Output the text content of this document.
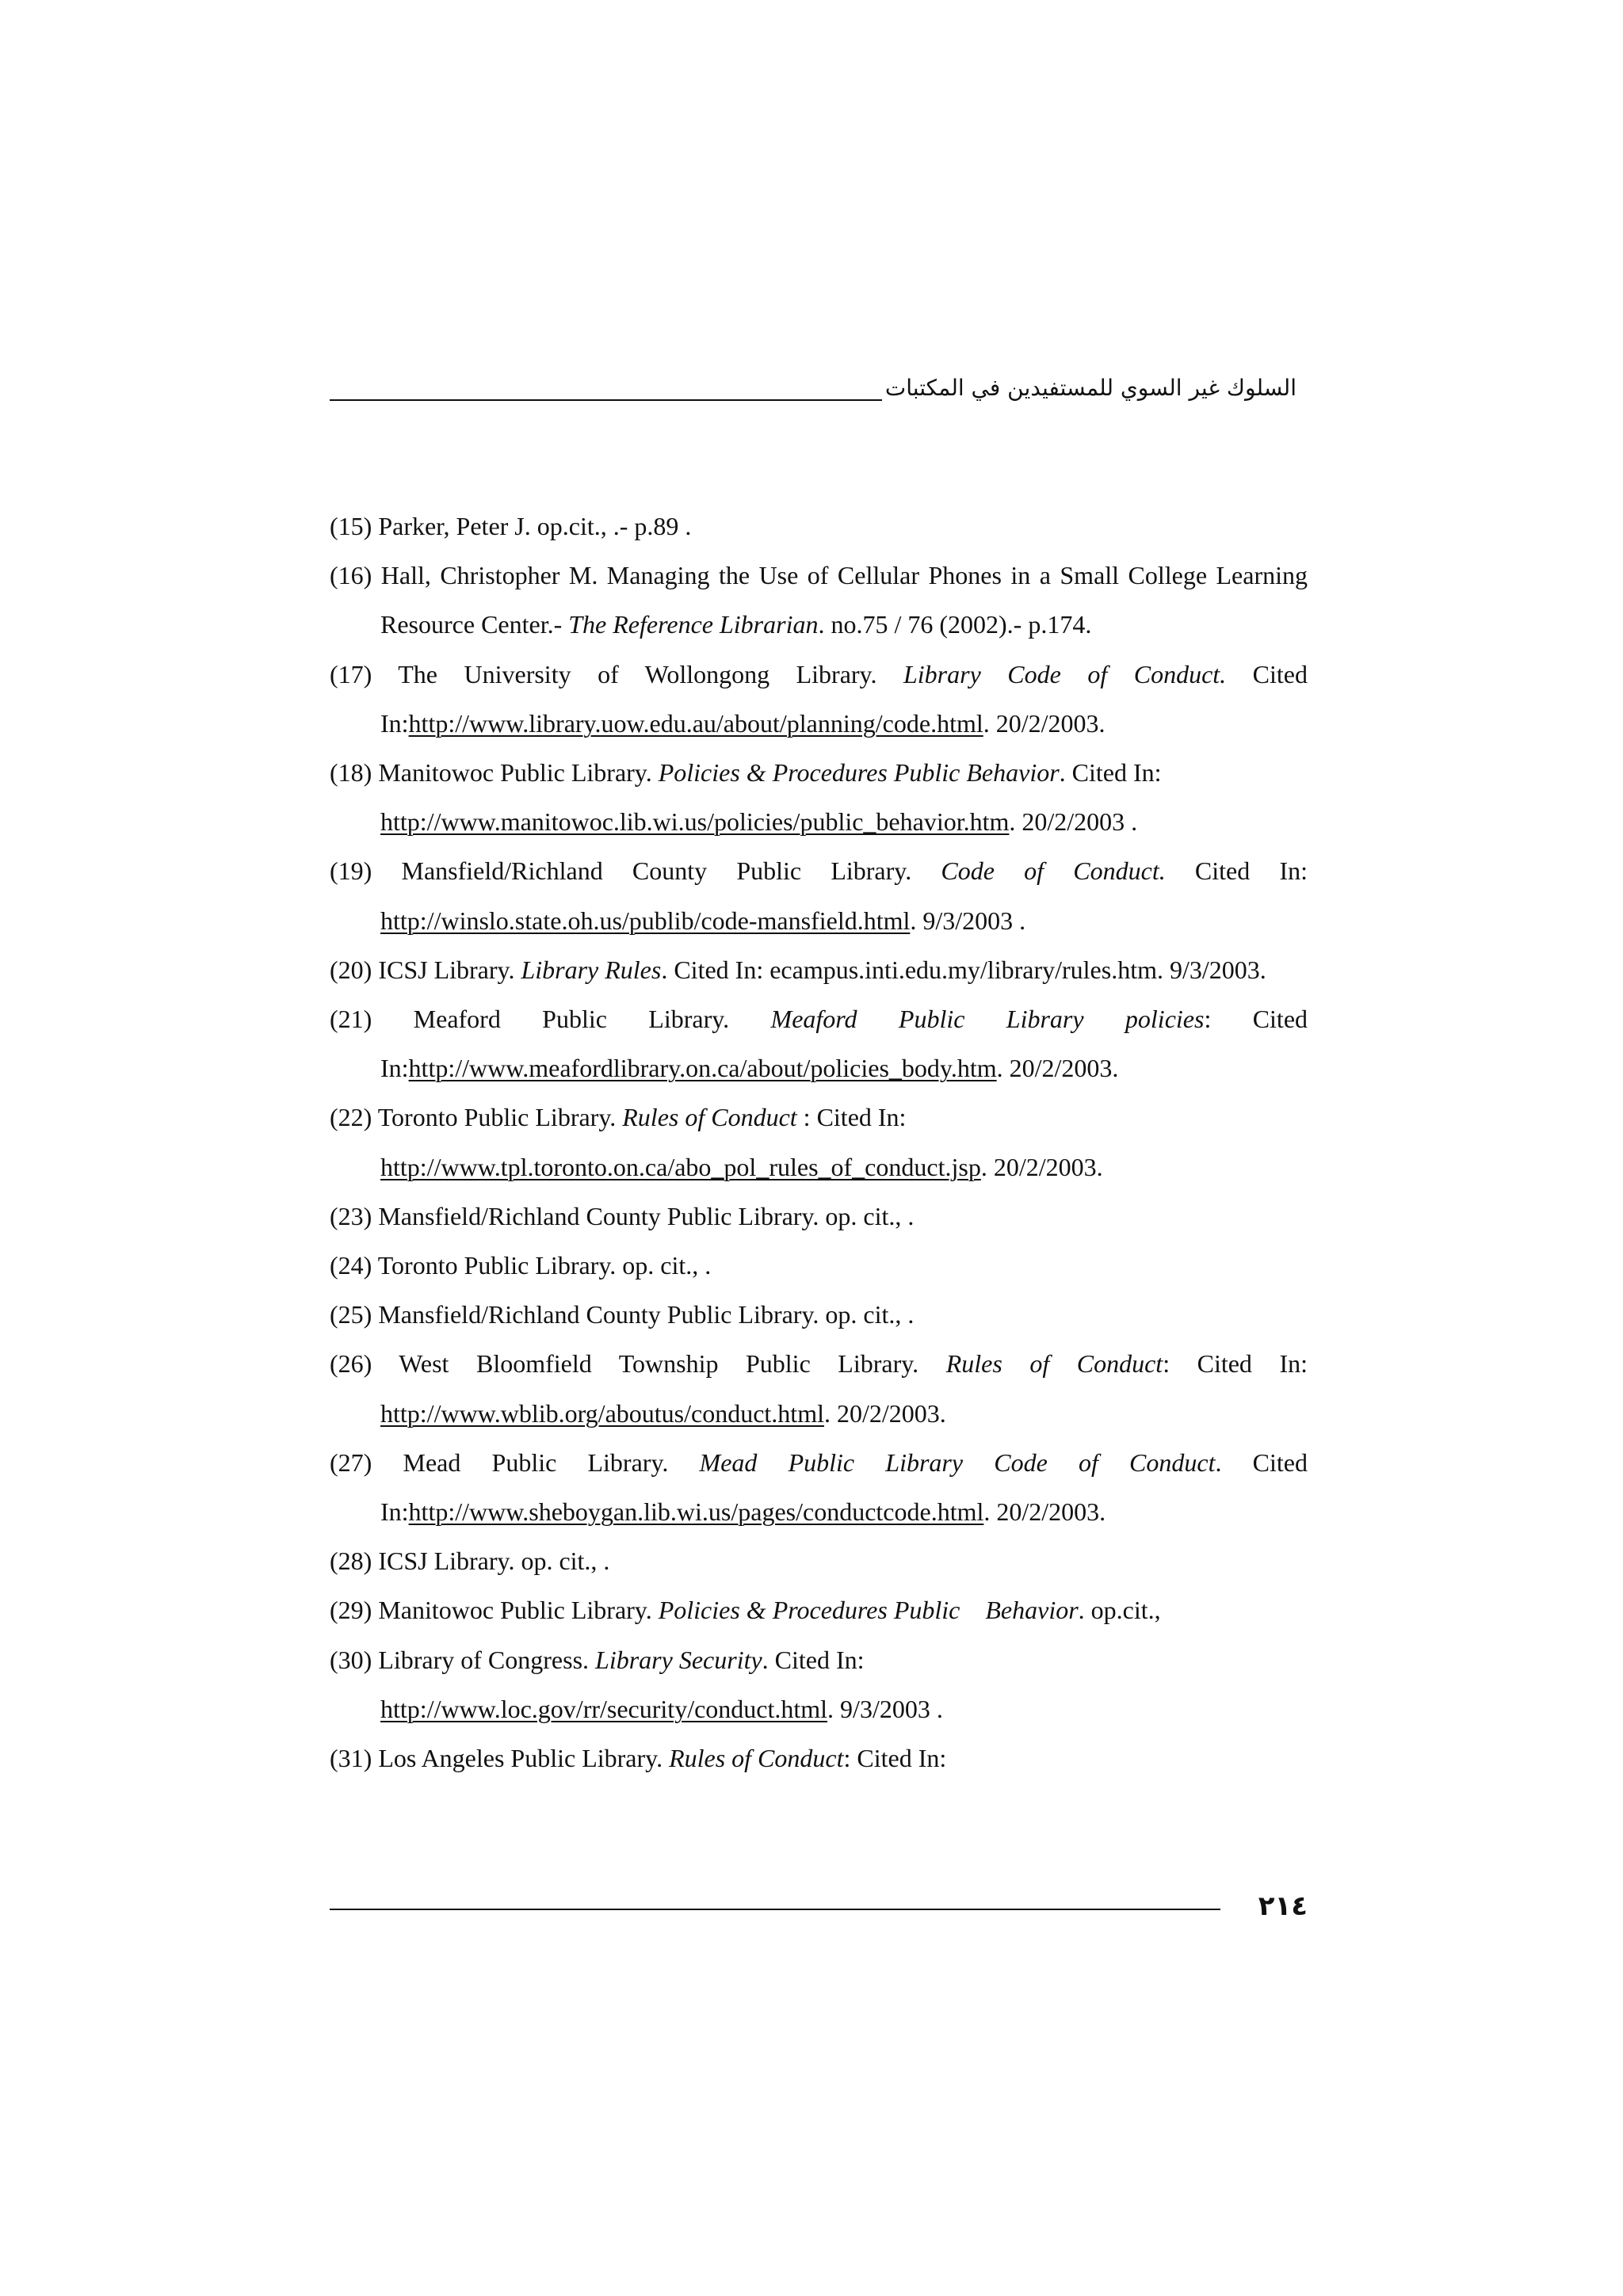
السلوك غير السوي للمستفيدين في المكتبات
(15) Parker, Peter J. op.cit., .- p.89 .
(16) Hall, Christopher M. Managing the Use of Cellular Phones in a Small College Learning Resource Center.- The Reference Librarian. no.75 / 76 (2002).- p.174.
(17) The University of Wollongong Library. Library Code of Conduct. Cited In:http://www.library.uow.edu.au/about/planning/code.html. 20/2/2003.
(18) Manitowoc Public Library. Policies & Procedures Public Behavior. Cited In:
http://www.manitowoc.lib.wi.us/policies/public_behavior.htm. 20/2/2003 .
(19) Mansfield/Richland County Public Library. Code of Conduct. Cited In: http://winslo.state.oh.us/publib/code-mansfield.html. 9/3/2003 .
(20) ICSJ Library. Library Rules. Cited In: ecampus.inti.edu.my/library/rules.htm. 9/3/2003.
(21) Meaford Public Library. Meaford Public Library policies: Cited In:http://www.meafordlibrary.on.ca/about/policies_body.htm. 20/2/2003.
(22) Toronto Public Library. Rules of Conduct : Cited In:
http://www.tpl.toronto.on.ca/abo_pol_rules_of_conduct.jsp. 20/2/2003.
(23) Mansfield/Richland County Public Library. op. cit., .
(24) Toronto Public Library. op. cit., .
(25) Mansfield/Richland County Public Library. op. cit., .
(26) West Bloomfield Township Public Library. Rules of Conduct: Cited In: http://www.wblib.org/aboutus/conduct.html. 20/2/2003.
(27) Mead Public Library. Mead Public Library Code of Conduct. Cited In:http://www.sheboygan.lib.wi.us/pages/conductcode.html. 20/2/2003.
(28) ICSJ Library. op. cit., .
(29) Manitowoc Public Library. Policies & Procedures Public    Behavior. op.cit.,
(30) Library of Congress. Library Security. Cited In:
http://www.loc.gov/rr/security/conduct.html. 9/3/2003 .
(31) Los Angeles Public Library. Rules of Conduct: Cited In:
٢١٤
